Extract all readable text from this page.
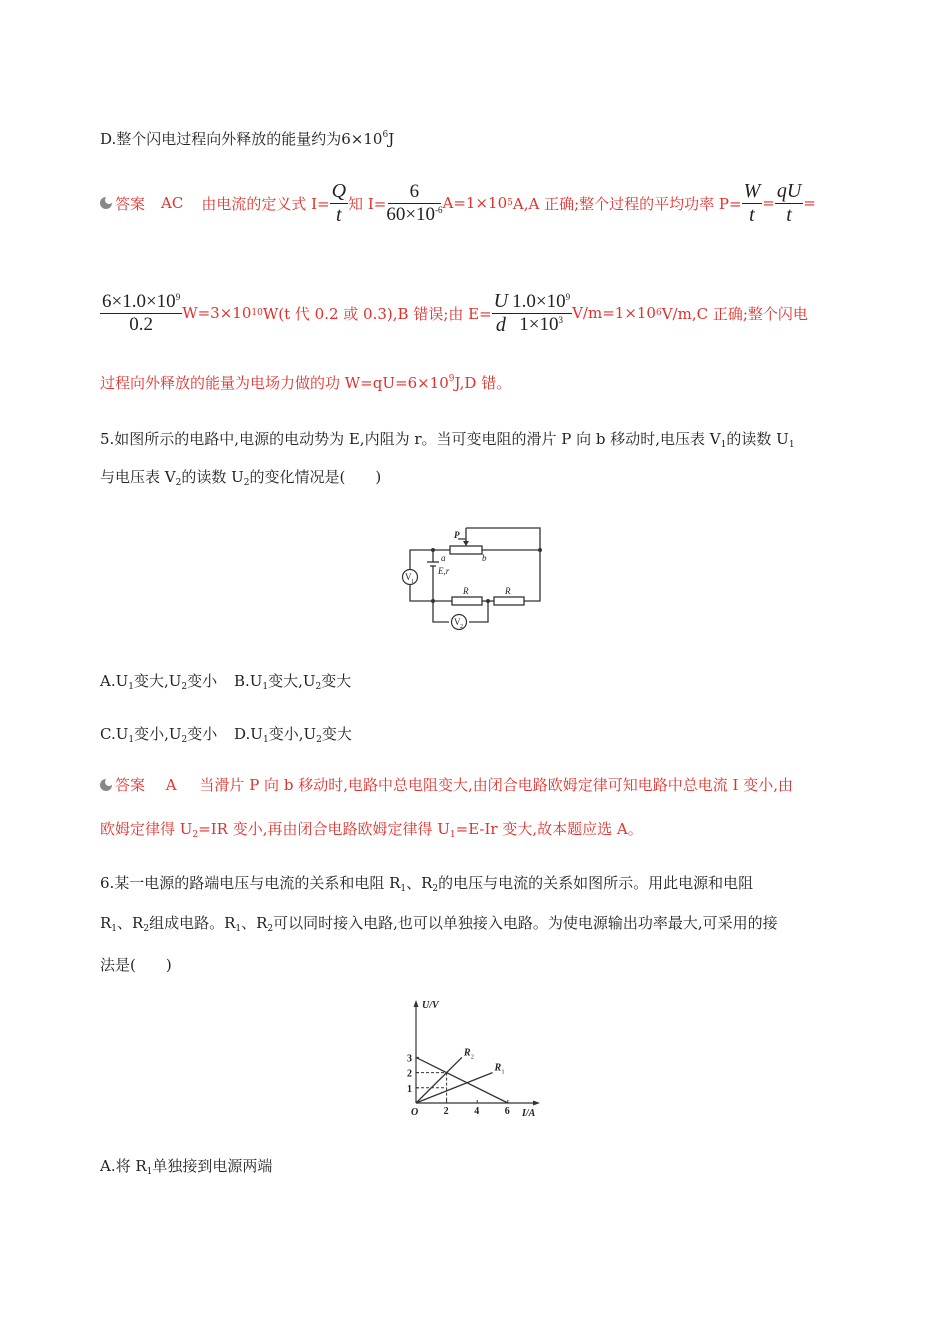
D.整个闪电过程向外释放的能量约为$6\times 10^6J$
答案 AC 由电流的定义式 $I= \frac{Q}{t}$ 知 $I= \frac{6}{60\times 10^{-6}} A=1\times 10$ 5 A,A 正确;整个过程的平均功率 $P= \frac{W}{t} = \frac{qU}{t}$ =
$\frac{6\times 1.0\times 10^9}{0.2} W=3\times 10$ 10 W(t 代 0.2 或 0.3),B 错误;由 $E= \frac{U}{d} \frac{1.0\times 10^9}{1\times 10^3} V/m=1\times 10$ 6 V/m,C 正确;整个闪电
过程向外释放的能量为电场力做的功 $W=qU=6\times 10^9J,D$ 错。
5.如图所示的电路中,电源的电动势为 E,内阻为 r。当可变电阻的滑片 P 向 b 移动时,电压表 $V_1$的读数 $U_1$
与电压表 $V_2$的读数 $U_2$的变化情况是(　　)
P
a	b
E,r
R	R
V 1
V 2
$A.U_1$变大$,U_2$变小 $B.U_1$变大$,U_2$变大
$C.U_1$变小$,U_2$变小 $D.U_1$变小$,U_2$变大
答案 A 当滑片 P 向 b 移动时,电路中总电阻变大,由闭合电路欧姆定律可知电路中总电流 I 变小,由
欧姆定律得 $U_2=IR$ 变小,再由闭合电路欧姆定律得 $U_1=E-Ir$ 变大,故本题应选 A。
6.某一电源的路端电压与电流的关系和电阻 $R_1$、$R_2$的电压与电流的关系如图所示。用此电源和电阻
$R_1$、$R_2$组成电路。$R_1$、$R_2$可以同时接入电路,也可以单独接入电路。为使电源输出功率最大,可采用的接
法是(　　)
U/V
I/A
O	2	4	6
1
2
3
R 2
R 1
A.将 $R_1$单独接到电源两端
